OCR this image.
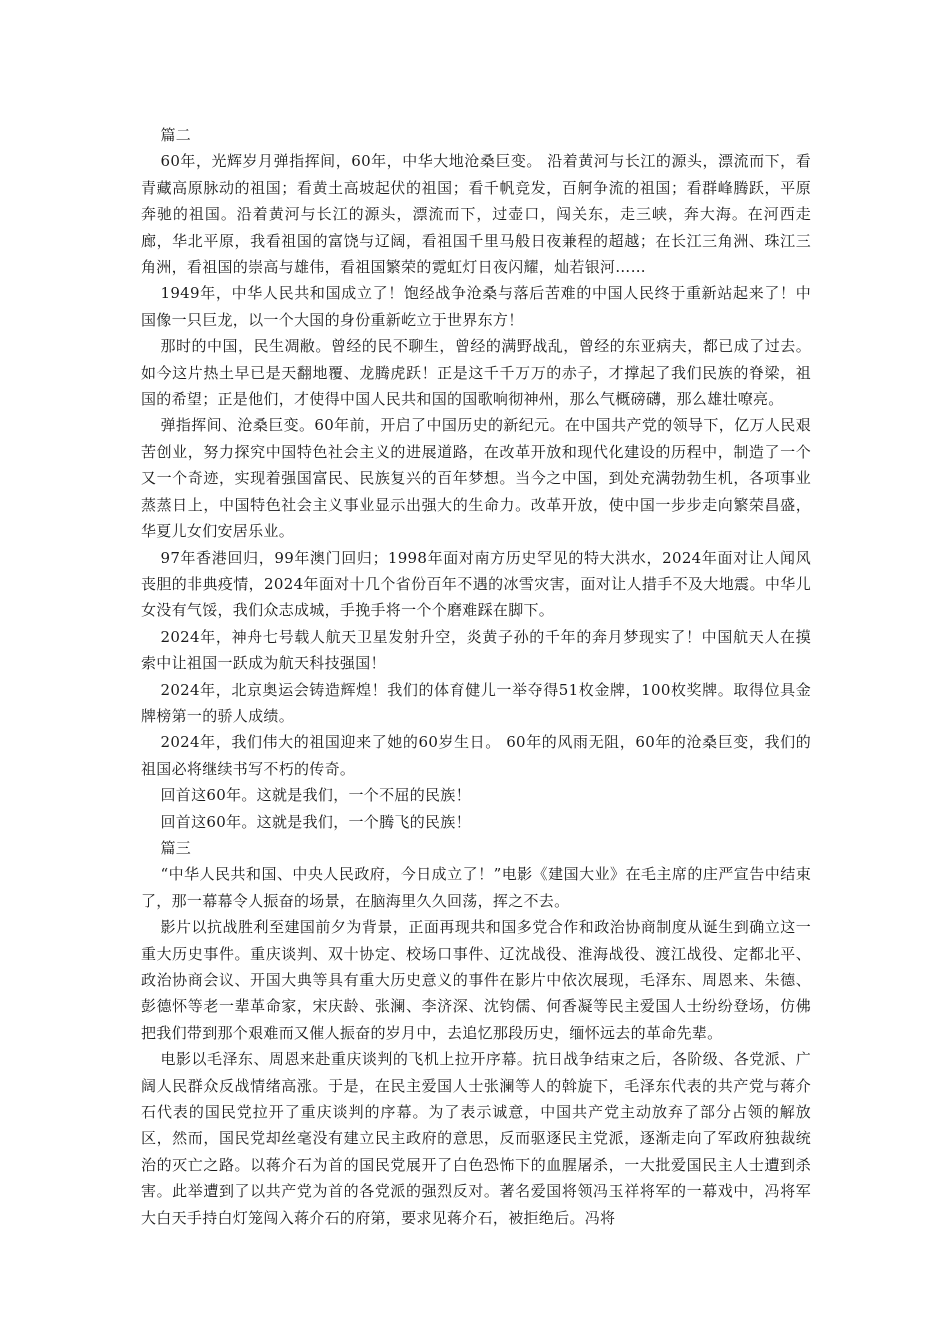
篇二

60年，光辉岁月弹指挥间，60年，中华大地沧桑巨变。 沿着黄河与长江的源头，漂流而下，看青藏高原脉动的祖国；看黄土高坡起伏的祖国；看千帆竞发，百舸争流的祖国；看群峰腾跃，平原奔驰的祖国。沿着黄河与长江的源头，漂流而下，过壶口，闯关东，走三峡，奔大海。在河西走廊，华北平原，我看祖国的富饶与辽阔，看祖国千里马般日夜兼程的超越；在长江三角洲、珠江三角洲，看祖国的崇高与雄伟，看祖国繁荣的霓虹灯日夜闪耀，灿若银河……

1949年，中华人民共和国成立了！饱经战争沧桑与落后苦难的中国人民终于重新站起来了！中国像一只巨龙，以一个大国的身份重新屹立于世界东方！

那时的中国，民生凋敝。曾经的民不聊生，曾经的满野战乱，曾经的东亚病夫，都已成了过去。如今这片热土早已是天翻地覆、龙腾虎跃！正是这千千万万的赤子，才撑起了我们民族的脊梁，祖国的希望；正是他们，才使得中国人民共和国的国歌响彻神州，那么气概磅礴，那么雄壮嘹亮。

弹指挥间、沧桑巨变。60年前，开启了中国历史的新纪元。在中国共产党的领导下，亿万人民艰苦创业，努力探究中国特色社会主义的进展道路，在改革开放和现代化建设的历程中，制造了一个又一个奇迹，实现着强国富民、民族复兴的百年梦想。当今之中国，到处充满勃勃生机，各项事业蒸蒸日上，中国特色社会主义事业显示出强大的生命力。改革开放，使中国一步步走向繁荣昌盛，华夏儿女们安居乐业。

97年香港回归，99年澳门回归；1998年面对南方历史罕见的特大洪水，2024年面对让人闻风丧胆的非典疫情，2024年面对十几个省份百年不遇的冰雪灾害，面对让人措手不及大地震。中华儿女没有气馁，我们众志成城，手挽手将一个个磨难踩在脚下。

2024年，神舟七号载人航天卫星发射升空，炎黄子孙的千年的奔月梦现实了！中国航天人在摸索中让祖国一跃成为航天科技强国！

2024年，北京奥运会铸造辉煌！我们的体育健儿一举夺得51枚金牌，100枚奖牌。取得位具金牌榜第一的骄人成绩。

2024年，我们伟大的祖国迎来了她的60岁生日。 60年的风雨无阻，60年的沧桑巨变，我们的祖国必将继续书写不朽的传奇。

回首这60年。这就是我们，一个不屈的民族！

回首这60年。这就是我们，一个腾飞的民族！

篇三

“中华人民共和国、中央人民政府，今日成立了！”电影《建国大业》在毛主席的庄严宣告中结束了，那一幕幕令人振奋的场景，在脑海里久久回荡，挥之不去。

影片以抗战胜利至建国前夕为背景，正面再现共和国多党合作和政治协商制度从诞生到确立这一重大历史事件。重庆谈判、双十协定、校场口事件、辽沈战役、淮海战役、渡江战役、定都北平、政治协商会议、开国大典等具有重大历史意义的事件在影片中依次展现，毛泽东、周恩来、朱德、彭德怀等老一辈革命家，宋庆龄、张澜、李济深、沈钧儒、何香凝等民主爱国人士纷纷登场，仿佛把我们带到那个艰难而又催人振奋的岁月中，去追忆那段历史，缅怀远去的革命先辈。

电影以毛泽东、周恩来赴重庆谈判的飞机上拉开序幕。抗日战争结束之后，各阶级、各党派、广阔人民群众反战情绪高涨。于是，在民主爱国人士张澜等人的斡旋下，毛泽东代表的共产党与蒋介石代表的国民党拉开了重庆谈判的序幕。为了表示诚意，中国共产党主动放弃了部分占领的解放区，然而，国民党却丝毫没有建立民主政府的意思，反而驱逐民主党派，逐渐走向了军政府独裁统治的灭亡之路。以蒋介石为首的国民党展开了白色恐怖下的血腥屠杀，一大批爱国民主人士遭到杀害。此举遭到了以共产党为首的各党派的强烈反对。著名爱国将领冯玉祥将军的一幕戏中，冯将军大白天手持白灯笼闯入蒋介石的府第，要求见蒋介石，被拒绝后。冯将
